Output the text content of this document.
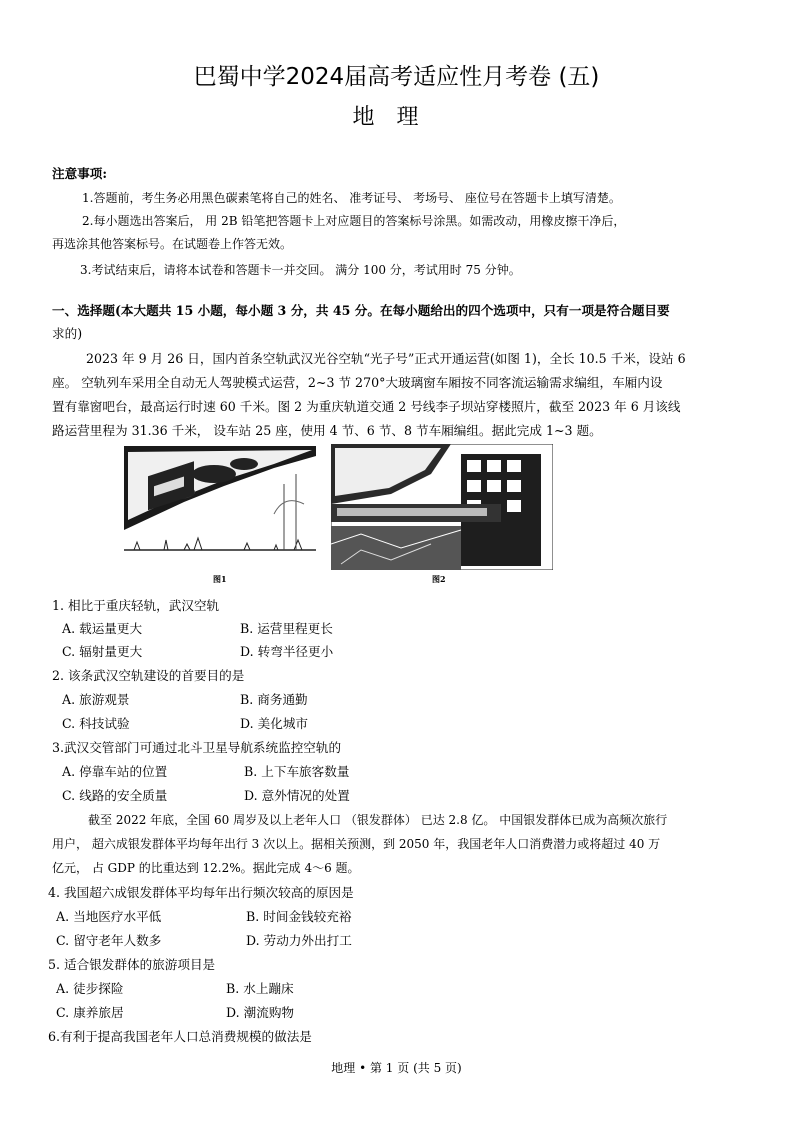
巴蜀中学2024届高考适应性月考卷 (五)
地理
注意事项:
1.答题前，考生务必用黑色碳素笔将自己的姓名、 准考证号、 考场号、 座位号在答题卡上填写清楚。
2.每小题选出答案后， 用 2B 铅笔把答题卡上对应题目的答案标号涂黑。如需改动，用橡皮擦干净后，
再选涂其他答案标号。在试题卷上作答无效。
3.考试结束后，请将本试卷和答题卡一并交回。 满分 100 分，考试用时 75 分钟。
一、选择题(本大题共 15 小题，每小题 3 分，共 45 分。在每小题给出的四个选项中，只有一项是符合题目要
求的)
2023 年 9 月 26 日，国内首条空轨武汉光谷空轨“光子号”正式开通运营(如图 1)，全长 10.5 千米，设站 6
座。 空轨列车采用全自动无人驾驶模式运营，2~3 节 270°大玻璃窗车厢按不同客流运输需求编组，车厢内设
置有靠窗吧台，最高运行时速 60 千米。图 2 为重庆轨道交通 2 号线李子坝站穿楼照片，截至 2023 年 6 月该线
路运营里程为 31.36 千米， 设车站 25 座，使用 4 节、6 节、8 节车厢编组。据此完成 1~3 题。
图1	图2
1. 相比于重庆轻轨，武汉空轨
A. 载运量更大	B. 运营里程更长
C. 辐射量更大	D. 转弯半径更小
2. 该条武汉空轨建设的首要目的是
A. 旅游观景	B. 商务通勤
C. 科技试验	D. 美化城市
3.武汉交管部门可通过北斗卫星导航系统监控空轨的
A. 停靠车站的位置	B. 上下车旅客数量
C. 线路的安全质量	D. 意外情况的处置
截至 2022 年底，全国 60 周岁及以上老年人口 （银发群体） 已达 2.8 亿。 中国银发群体已成为高频次旅行
用户， 超六成银发群体平均每年出行 3 次以上。据相关预测，到 2050 年，我国老年人口消费潜力或将超过 40 万
亿元， 占 GDP 的比重达到 12.2%。据此完成 4～6 题。
4. 我国超六成银发群体平均每年出行频次较高的原因是
A. 当地医疗水平低	B. 时间金钱较充裕
C. 留守老年人数多	D. 劳动力外出打工
5. 适合银发群体的旅游项目是
A. 徒步探险	B. 水上蹦床
C. 康养旅居	D. 潮流购物
6.有利于提高我国老年人口总消费规模的做法是
地理 • 第 1 页 (共 5 页)
